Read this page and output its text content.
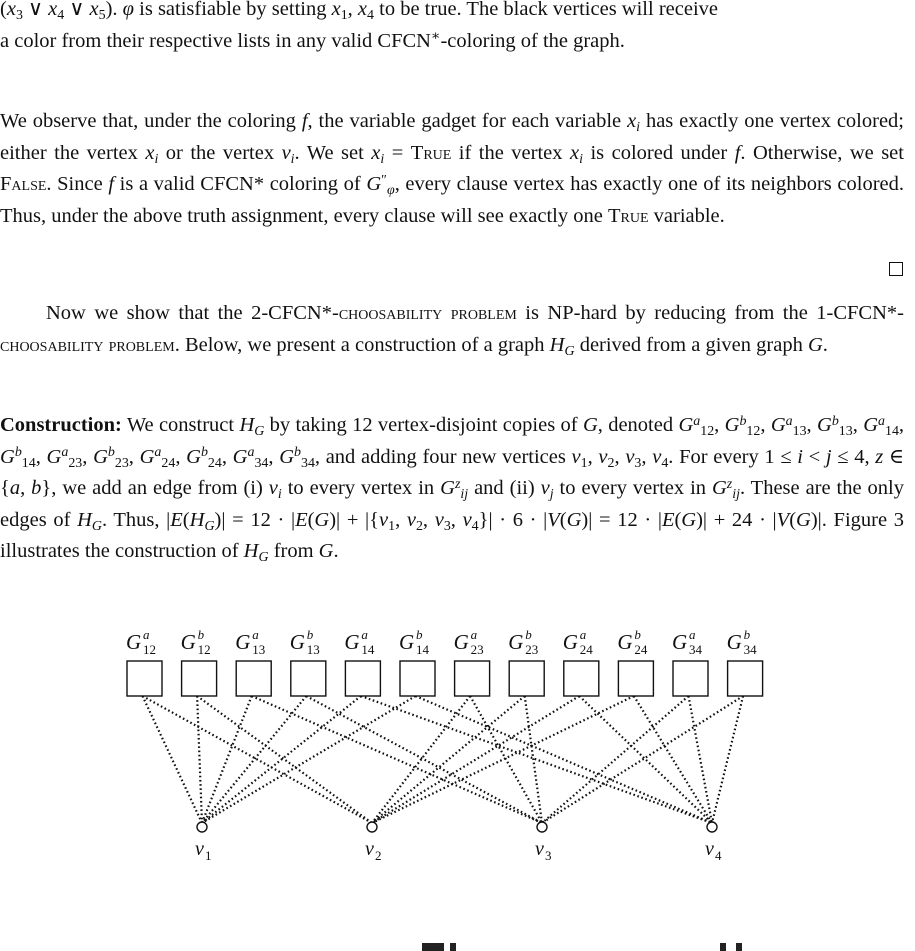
($x_3$ ∨ $x_4$ ∨ $x_5$). φ is satisfiable by setting $x_1$, $x_4$ to be true. The black vertices will receive
a color from their respective lists in any valid CFCN∗-coloring of the graph.

We observe that, under the coloring f, the variable gadget for each variable $x_i$ has exactly one vertex colored; either the vertex $x_i$ or the vertex $v_i$. We set $x_i$ = True if the vertex $x_i$ is colored under f. Otherwise, we set False. Since f is a valid CFCN* coloring of $G''_\varphi$, every clause vertex has exactly one of its neighbors colored. Thus, under the above truth assignment, every clause will see exactly one True variable.

Now we show that the 2-CFCN*-choosability problem is NP-hard by reducing from the 1-CFCN*-choosability problem. Below, we present a construction of a graph $H_G$ derived from a given graph G.

Construction: We construct $H_G$ by taking 12 vertex-disjoint copies of G, denoted $G^a_{12}$, $G^b_{12}$, $G^a_{13}$, $G^b_{13}$, $G^a_{14}$, $G^b_{14}$, $G^a_{23}$, $G^b_{23}$, $G^a_{24}$, $G^b_{24}$, $G^a_{34}$, $G^b_{34}$, and adding four new vertices $v_1$, $v_2$, $v_3$, $v_4$. For every 1 ≤ i < j ≤ 4, z ∈ {a, b}, we add an edge from (i) $v_i$ to every vertex in $G^z_{ij}$ and (ii) $v_j$ to every vertex in $G^z_{ij}$. These are the only edges of $H_G$. Thus, $|E(H_G)| = 12 \cdot |E(G)| + |\{v_1$, $v_2$, $v_3$, $v_4\}| \cdot 6 \cdot |V(G)| = 12 \cdot |E(G)| + 24 \cdot |V(G)|$. Figure 3 illustrates the construction of $H_G$ from G.

G a
12 G b
12 G a
13 G b
13 G a
14 G b
14 G a
23 G b
23 G a
24 G b
24 G a
34 G b
34
v 1	v 2	v 3	v 4
